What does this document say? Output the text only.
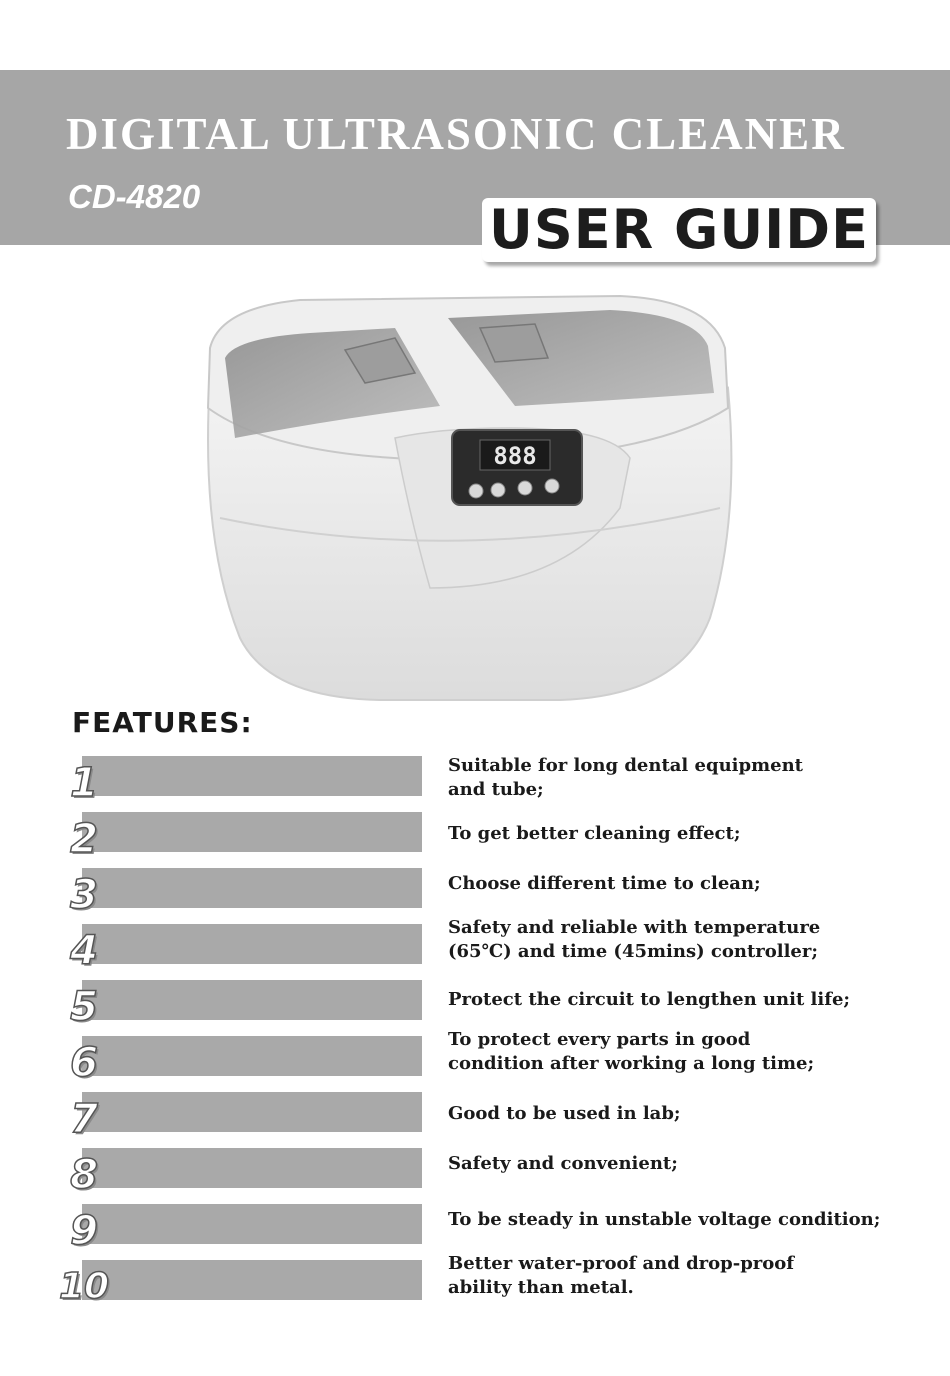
DIGITAL ULTRASONIC CLEANER
CD-4820
USER GUIDE
888
FEATURES:
1	Suitable for long dental equipment
and tube;
2	To get better cleaning effect;
3	Choose different time to clean;
4
Safety and reliable with temperature
(65℃) and time (45mins) controller;
5	Protect the circuit to lengthen unit life;
6
To protect every parts in good
condition after working a long time;
7	Good to be used in lab;
8	Safety and convenient;
9	To be steady in unstable voltage condition;
10
Better water-proof and drop-proof
ability than metal.
